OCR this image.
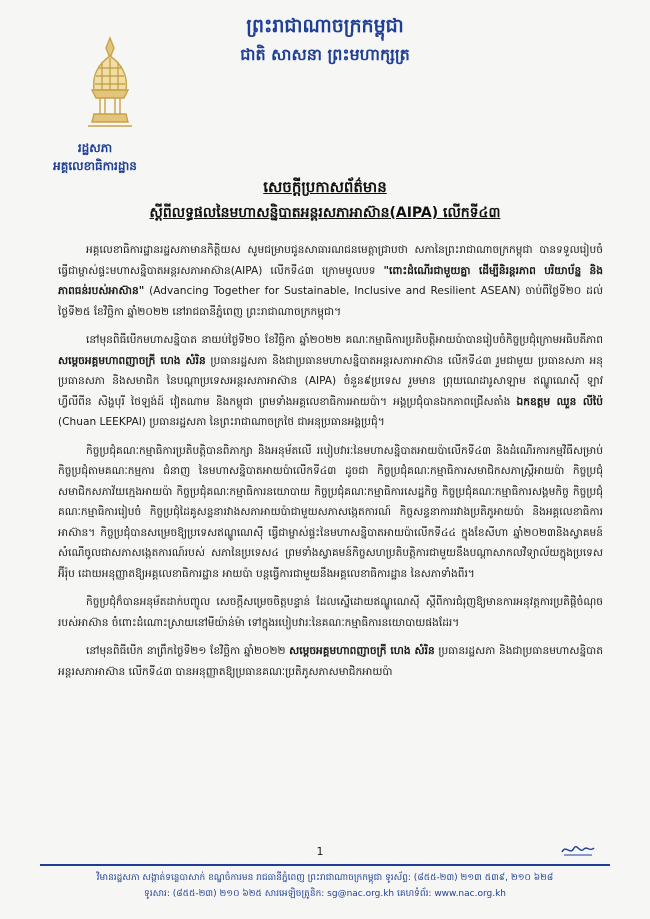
ព្រះរាជាណាចក្រកម្ពុជា
ជាតិ សាសនា ព្រះមហាក្សត្រ
រដ្ឋសភា
អគ្គលេខាធិការដ្ឋាន
សេចក្ដីប្រកាសព័ត៌មាន
ស្ដីពីលទ្ធផលនៃមហាសន្និបាតអន្តរសភាអាស៊ាន(AIPA) លើកទី៤៣

អគ្គលេខាធិការដ្ឋានរដ្ឋសភាមានកិត្តិយស សូមជម្រាបជូនសាធារណជនមេត្តាជ្រាបថា សភានៃព្រះរាជាណាចក្រកម្ពុជា បានទទួលរៀបចំធ្វើជាម្ចាស់ផ្ទះមហាសន្និបាតអន្តរសភាអាស៊ាន(AIPA) លើកទី៤៣ ក្រោមមូលបទ "ពោះដំណើរជាមួយគ្នា ដើម្បីនិរន្តរភាព បរិយាប័ន្ន និងភាពធន់របស់អាស៊ាន" (Advancing Together for Sustainable, Inclusive and Resilient ASEAN) ចាប់ពីថ្ងៃទី២០ ដល់ថ្ងៃទី២៥ ខែវិច្ឆិកា ឆ្នាំ២០២២ នៅរាជធានីភ្នំពេញ ព្រះរាជាណាចក្រកម្ពុជា។

នៅមុនពិធីបើកមហាសន្និបាត នាយប់ថ្ងៃទី២០ ខែវិច្ឆិកា ឆ្នាំ២០២២ គណៈកម្មាធិការប្រតិបត្តិអាយប៉ាបានរៀបចំកិច្ចប្រជុំក្រោមអធិបតីភាព សម្ដេចអគ្គមហាពញាចក្រី ហេង សំរិន ប្រធានរដ្ឋសភា និងជាប្រធានមហាសន្និបាតអន្តរសភាអាស៊ាន លើកទី៤៣ រួមជាមួយ ប្រធានសភា អនុប្រធានសភា និងសមាជិក នៃបណ្ដាប្រទេសអន្តរសភាអាស៊ាន (AIPA) ចំនួន៩ប្រទេស រួមមាន ព្រុយណេដារូសាឡាម ឥណ្ឌូណេស៊ី ឡាវ ហ្វីលីពីន សិង្ហបុរី ថៃឡង់ដ៍ វៀតណាម និងកម្ពុជា ព្រមទាំងអគ្គលេខាធិការអាយប៉ា។ អង្គប្រជុំបានឯកភាពជ្រើសតាំង ឯកឧត្តម ឈួន លីប៉ៃ (Chuan LEEKPAI) ប្រធានរដ្ឋសភា នៃព្រះរាជាណាចក្រថៃ ជាអនុប្រធានអង្គប្រជុំ។

កិច្ចប្រជុំគណៈកម្មាធិការប្រតិបត្តិបានពិភាក្សា និងអនុម័តលើ របៀបវារៈនៃមហាសន្និបាតអាយប៉ាលើកទី៤៣ និងដំណើរការកម្មវិធីសម្រាប់កិច្ចប្រជុំតាមគណៈកម្មការ ជំនាញ នៃមហាសន្និបាតអាយប៉ាលើកទី៤៣ ដូចជា កិច្ចប្រជុំគណៈកម្មាធិការសមាជិកសភាស្ត្រីអាយប៉ា កិច្ចប្រជុំសមាជិកសភាវ័យក្មេងអាយប៉ា កិច្ចប្រជុំគណៈកម្មាធិការនយោបាយ កិច្ចប្រជុំគណៈកម្មាធិការសេដ្ឋកិច្ច កិច្ចប្រជុំគណៈកម្មាធិការសង្គមកិច្ច កិច្ចប្រជុំគណៈកម្មាធិការរៀបចំ កិច្ចប្រជុំដៃគូសន្ទនារវាងសភាអាយប៉ាជាមួយសភាសង្កេតការណ៍ កិច្ចសន្ទនាការរវាងប្រតិភូអាយប៉ា និងអគ្គលេខាធិការអាស៊ាន។ កិច្ចប្រជុំបានសម្រេចឱ្យប្រទេសឥណ្ឌូណេស៊ី ធ្វើជាម្ចាស់ផ្ទះនៃមហាសន្និបាតអាយប៉ាលើកទី៤៤ ក្នុងខែសីហា ឆ្នាំ២០២៣និងស្វាគមន៍សំណើចូលជាសភាសង្កេតការណ៍របស់ សភានៃប្រទេស៤ ព្រមទាំងស្វាគមន៍កិច្ចសហប្រតិបត្តិការជាមួយនឹងបណ្ដាសាកលវិទ្យាល័យក្នុងប្រទេសអ៊ីរ៉ុប ដោយអនុញ្ញាតឱ្យអគ្គលេខាធិការដ្ឋាន អាយប៉ា បន្តធ្វើការជាមួយនឹងអគ្គលេខាធិការដ្ឋាន នៃសភាទាំងពីរ។

កិច្ចប្រជុំក៏បានអនុម័តដាក់បញ្ចូល សេចក្ដីសម្រេចចិត្តបន្ទាន់ ដែលស្នើដោយឥណ្ឌូណេស៊ី ស្ដីពីការជំរុញឱ្យមានការអនុវត្តការប្រតិផ្តិចំណុចរបស់អាស៊ាន ចំពោះដំណោះស្រាយនៅមីយ៉ាន់ម៉ា ទៅក្នុងរបៀបវារៈនៃគណៈកម្មាធិការនយោបាយផងដែរ។

នៅមុនពិធីបើក នាព្រឹកថ្ងៃទី២១ ខែវិច្ឆិកា ឆ្នាំ២០២២ សម្ដេចអគ្គមហាពញាចក្រី ហេង សំរិន ប្រធានរដ្ឋសភា និងជាប្រធានមហាសន្និបាតអន្តរសភាអាស៊ាន លើកទី៤៣ បានអនុញ្ញាតឱ្យប្រធានគណៈប្រតិភូសភាសមាជិកអាយប៉ា

1
វិមានរដ្ឋសភា សង្កាត់ទន្លេបាសាក់ ខណ្ឌចំការមន រាជធានីភ្នំពេញ ព្រះរាជាណាចក្រកម្ពុជា ទូរស័ព្ទ: (៨៥៥-២៣) ២១៣ ៥៣៩, ២១០ ៦២៨
ទូរសារ: (៨៥៥-២៣) ២១០ ៦២៥ សារអេឡិចត្រូនិក: sg@nac.org.kh គេហទំព័រ: www.nac.org.kh
